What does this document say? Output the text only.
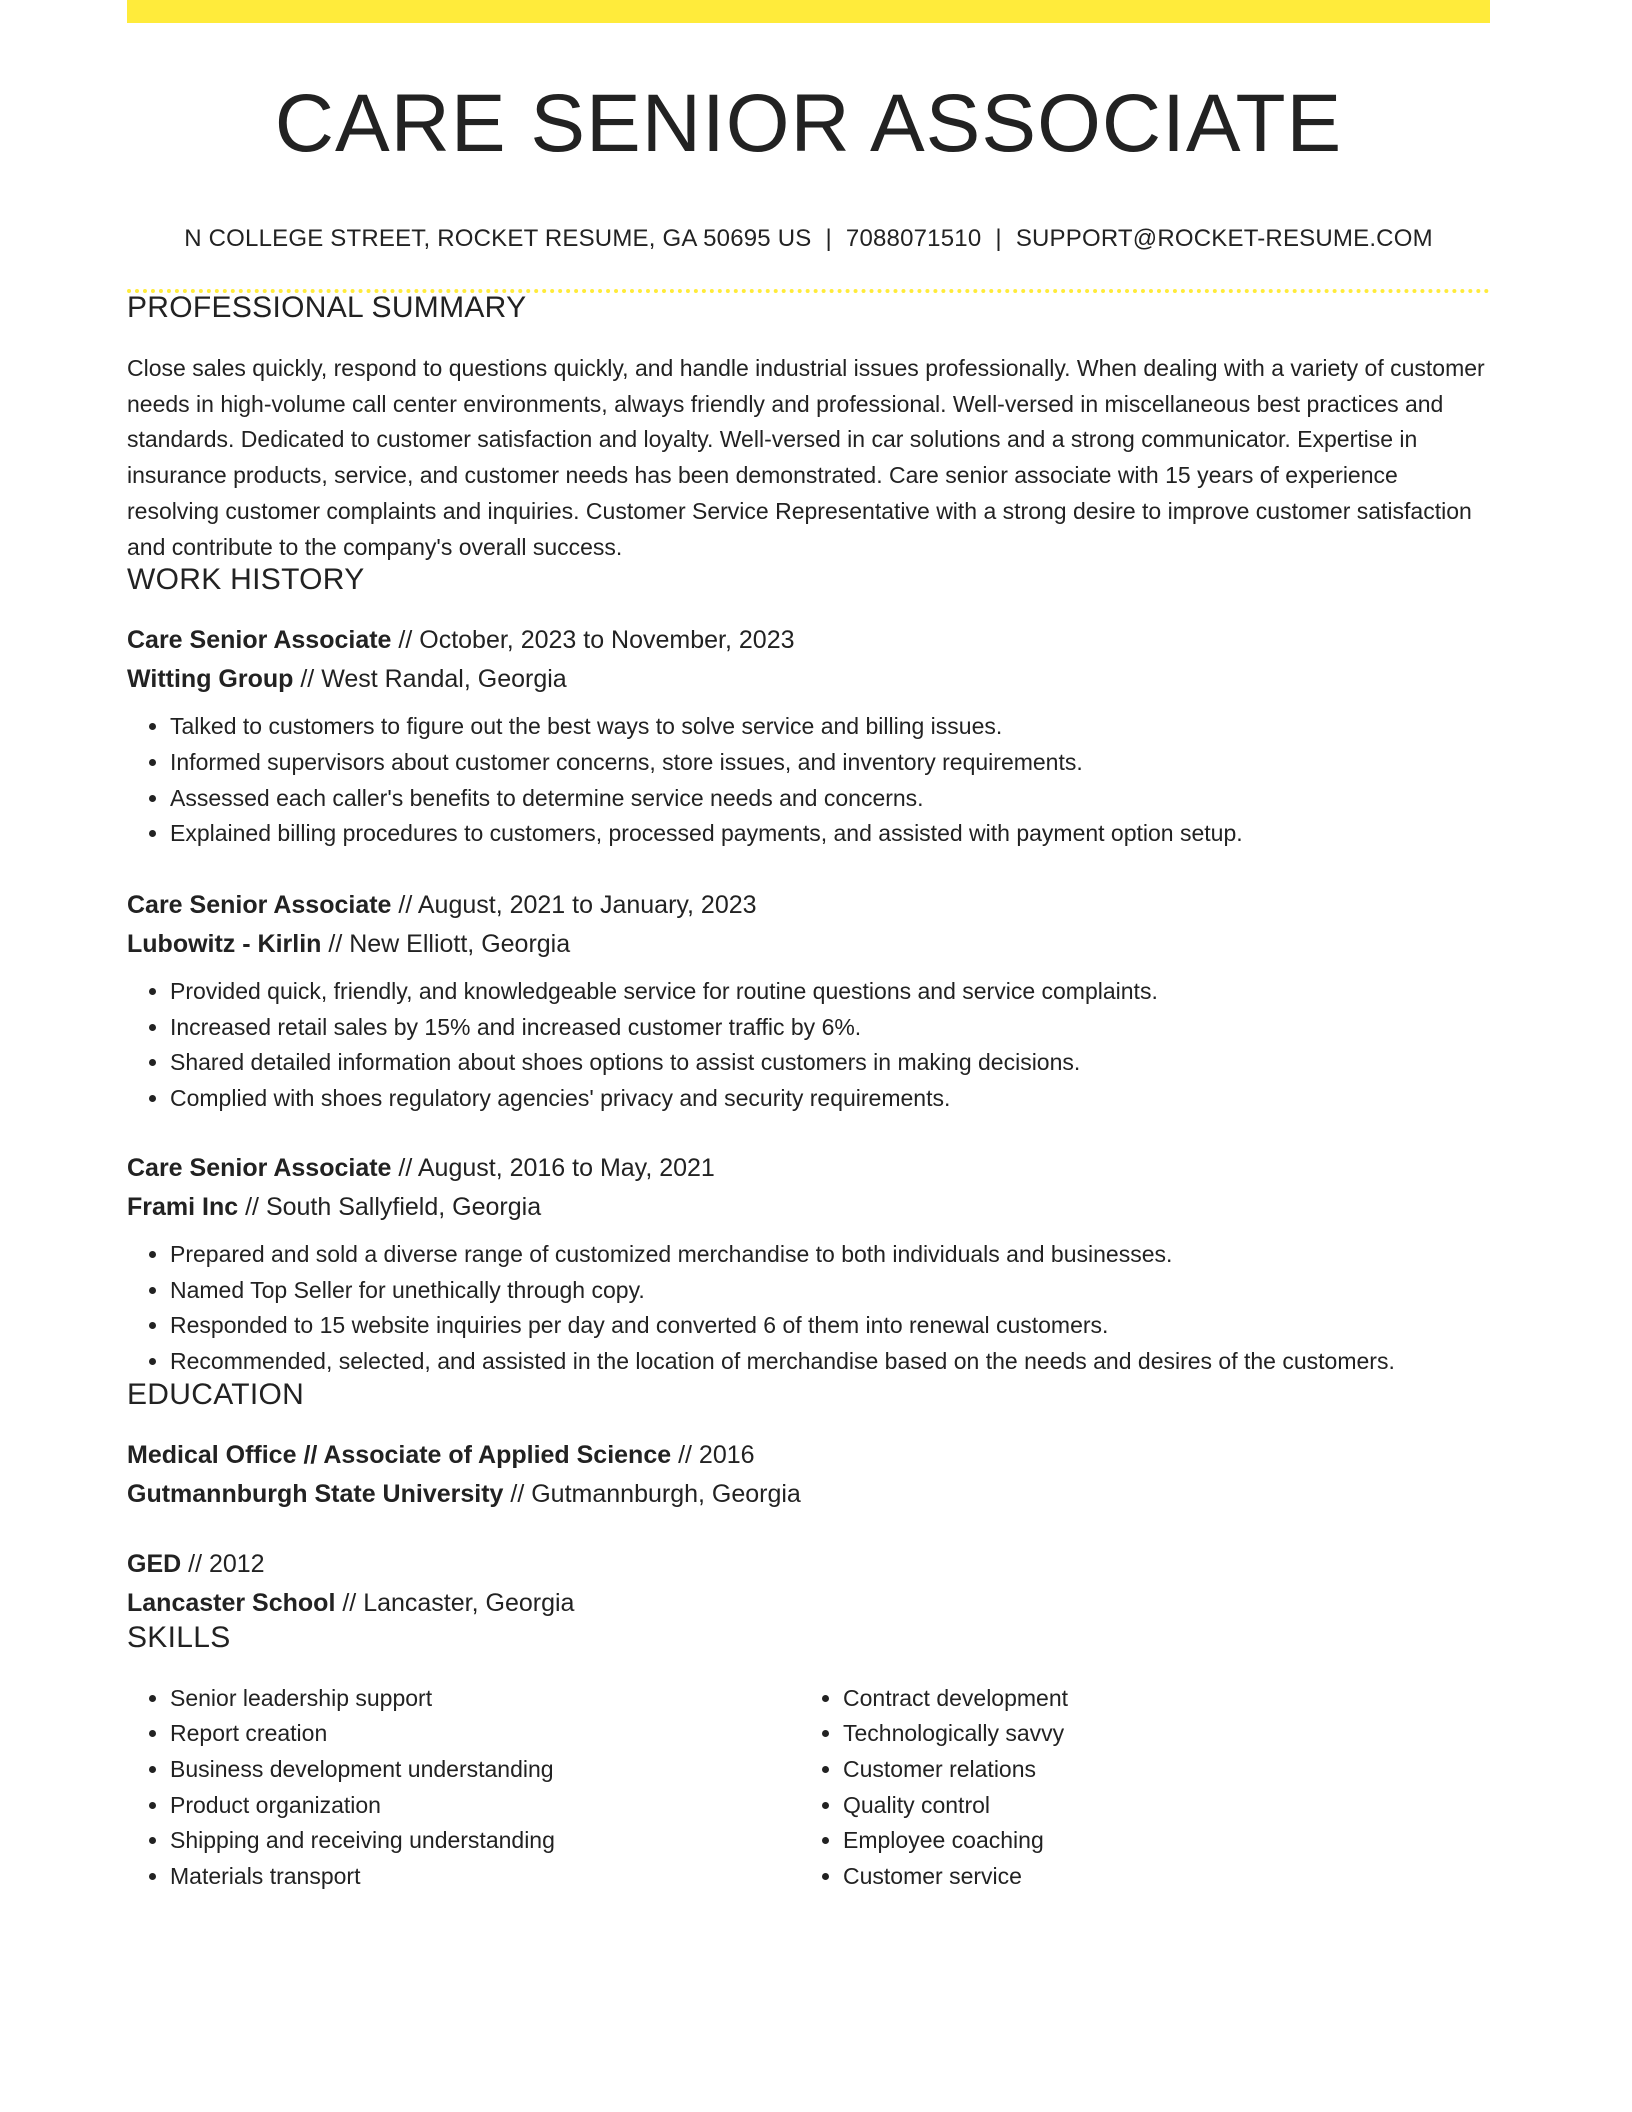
CARE SENIOR ASSOCIATE
N COLLEGE STREET, ROCKET RESUME, GA 50695 US | 7088071510 | SUPPORT@ROCKET-RESUME.COM
PROFESSIONAL SUMMARY
Close sales quickly, respond to questions quickly, and handle industrial issues professionally. When dealing with a variety of customer needs in high-volume call center environments, always friendly and professional. Well-versed in miscellaneous best practices and standards. Dedicated to customer satisfaction and loyalty. Well-versed in car solutions and a strong communicator. Expertise in insurance products, service, and customer needs has been demonstrated. Care senior associate with 15 years of experience resolving customer complaints and inquiries. Customer Service Representative with a strong desire to improve customer satisfaction and contribute to the company's overall success.
WORK HISTORY
Care Senior Associate // October, 2023 to November, 2023
Witting Group // West Randal, Georgia
• Talked to customers to figure out the best ways to solve service and billing issues.
• Informed supervisors about customer concerns, store issues, and inventory requirements.
• Assessed each caller's benefits to determine service needs and concerns.
• Explained billing procedures to customers, processed payments, and assisted with payment option setup.
Care Senior Associate // August, 2021 to January, 2023
Lubowitz - Kirlin // New Elliott, Georgia
• Provided quick, friendly, and knowledgeable service for routine questions and service complaints.
• Increased retail sales by 15% and increased customer traffic by 6%.
• Shared detailed information about shoes options to assist customers in making decisions.
• Complied with shoes regulatory agencies' privacy and security requirements.
Care Senior Associate // August, 2016 to May, 2021
Frami Inc // South Sallyfield, Georgia
• Prepared and sold a diverse range of customized merchandise to both individuals and businesses.
• Named Top Seller for unethically through copy.
• Responded to 15 website inquiries per day and converted 6 of them into renewal customers.
• Recommended, selected, and assisted in the location of merchandise based on the needs and desires of the customers.
EDUCATION
Medical Office // Associate of Applied Science // 2016
Gutmannburgh State University // Gutmannburgh, Georgia
GED // 2012
Lancaster School // Lancaster, Georgia
SKILLS
• Senior leadership support
• Report creation
• Business development understanding
• Product organization
• Shipping and receiving understanding
• Materials transport
• Contract development
• Technologically savvy
• Customer relations
• Quality control
• Employee coaching
• Customer service
